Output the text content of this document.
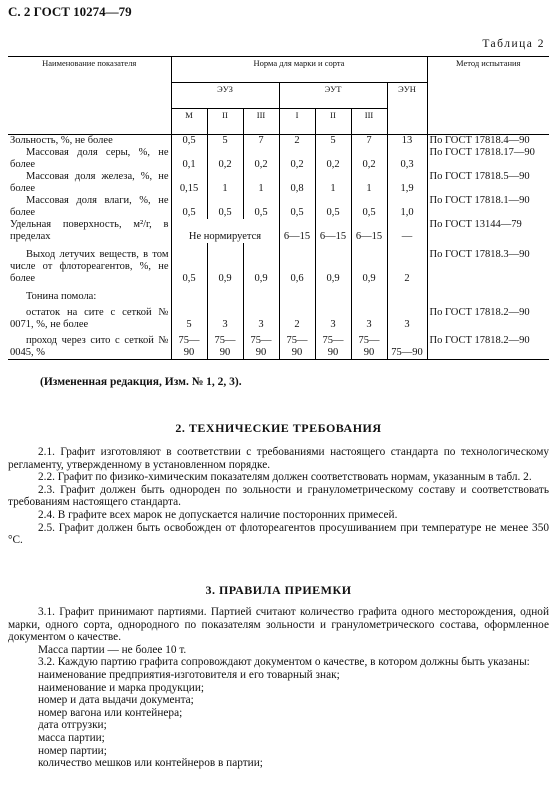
С. 2 ГОСТ 10274—79
Таблица 2
Наименование показателя	Норма для марки и сорта							Метод испытания
	ЭУЗ			ЭУТ			ЭУН	
	М	II	III	I	II	III		
Зольность, %, не более	0,5	5	7	2	5	7	13	По ГОСТ 17818.4—90
Массовая доля серы, %, не более	0,1	0,2	0,2	0,2	0,2	0,2	0,3	По ГОСТ 17818.17—90
Массовая доля железа, %, не более	0,15	1	1	0,8	1	1	1,9	По ГОСТ 17818.5—90
Массовая доля влаги, %, не более	0,5	0,5	0,5	0,5	0,5	0,5	1,0	По ГОСТ 17818.1—90
Удельная поверхность, м²/г, в пределах	Не нормируется			6—15	6—15	6—15	—	По ГОСТ 13144—79
Выход летучих веществ, в том числе от флотореагентов, %, не более	0,5	0,9	0,9	0,6	0,9	0,9	2	По ГОСТ 17818.3—90
Тонина помола:								
остаток на сите с сеткой № 0071, %, не более	5	3	3	2	3	3	3	По ГОСТ 17818.2—90
проход через сито с сеткой № 0045, %	75—90	75—90	75—90	75—90	75—90	75—90	75—90	По ГОСТ 17818.2—90
(Измененная редакция, Изм. № 1, 2, 3).
2. ТЕХНИЧЕСКИЕ ТРЕБОВАНИЯ
2.1. Графит изготовляют в соответствии с требованиями настоящего стандарта по технологическому регламенту, утвержденному в установленном порядке.
2.2. Графит по физико-химическим показателям должен соответствовать нормам, указанным в табл. 2.
2.3. Графит должен быть однороден по зольности и гранулометрическому составу и соответствовать требованиям настоящего стандарта.
2.4. В графите всех марок не допускается наличие посторонних примесей.
2.5. Графит должен быть освобожден от флотореагентов просушиванием при температуре не менее 350 °С.
3. ПРАВИЛА ПРИЕМКИ
3.1. Графит принимают партиями. Партией считают количество графита одного месторождения, одной марки, одного сорта, однородного по показателям зольности и гранулометрического состава, оформленное документом о качестве.
Масса партии — не более 10 т.
3.2. Каждую партию графита сопровождают документом о качестве, в котором должны быть указаны:
наименование предприятия-изготовителя и его товарный знак;
наименование и марка продукции;
номер и дата выдачи документа;
номер вагона или контейнера;
дата отгрузки;
масса партии;
номер партии;
количество мешков или контейнеров в партии;
